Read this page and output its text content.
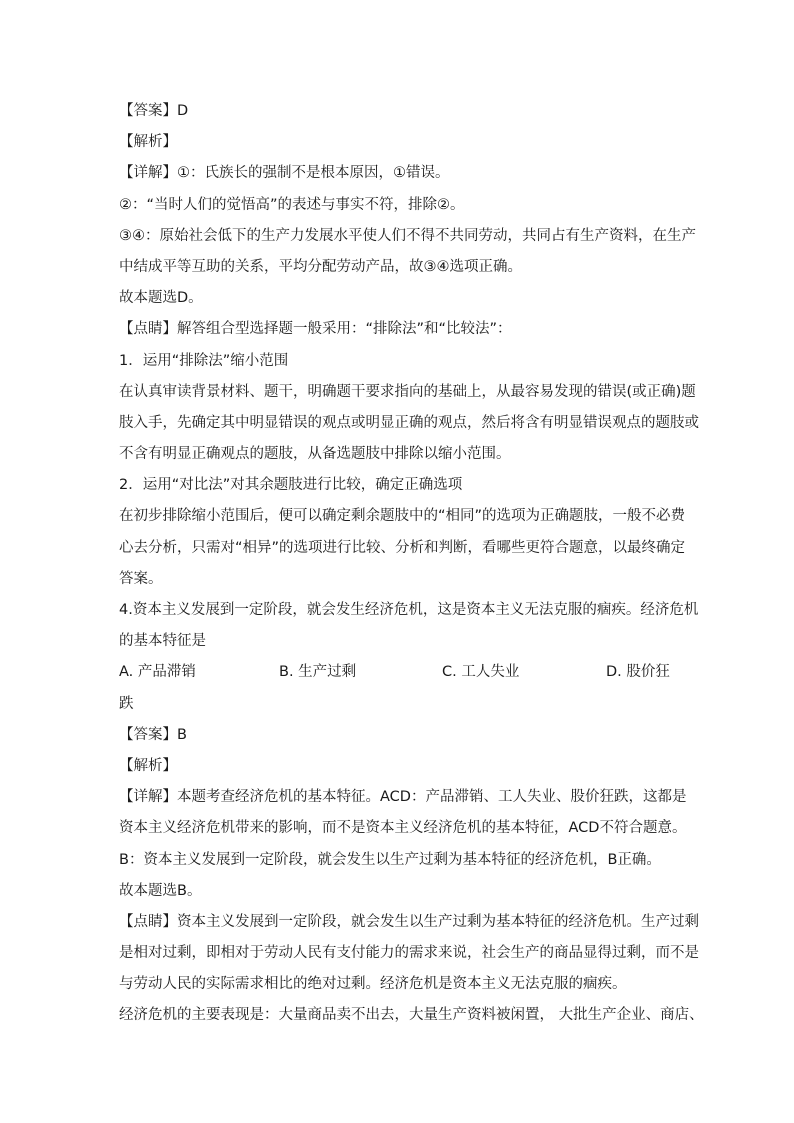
【答案】D
【解析】
【详解】①：氏族长的强制不是根本原因，①错误。
②：“当时人们的觉悟高”的表述与事实不符，排除②。
③④：原始社会低下的生产力发展水平使人们不得不共同劳动，共同占有生产资料，在生产
中结成平等互助的关系，平均分配劳动产品，故③④选项正确。
故本题选D。
【点睛】解答组合型选择题一般采用：“排除法”和“比较法”：
1．运用“排除法”缩小范围
在认真审读背景材料、题干，明确题干要求指向的基础上，从最容易发现的错误(或正确)题
肢入手，先确定其中明显错误的观点或明显正确的观点，然后将含有明显错误观点的题肢或
不含有明显正确观点的题肢，从备选题肢中排除以缩小范围。
2．运用“对比法”对其余题肢进行比较，确定正确选项
在初步排除缩小范围后，便可以确定剩余题肢中的“相同”的选项为正确题肢，一般不必费
心去分析，只需对“相异”的选项进行比较、分析和判断，看哪些更符合题意，以最终确定
答案。
4.资本主义发展到一定阶段，就会发生经济危机，这是资本主义无法克服的痼疾。经济危机
的基本特征是
A. 产品滞销	B. 生产过剩	C. 工人失业	D. 股价狂
跌
【答案】B
【解析】
【详解】本题考查经济危机的基本特征。ACD：产品滞销、工人失业、股价狂跌，这都是
资本主义经济危机带来的影响，而不是资本主义经济危机的基本特征，ACD不符合题意。
B：资本主义发展到一定阶段，就会发生以生产过剩为基本特征的经济危机，B正确。
故本题选B。
【点睛】资本主义发展到一定阶段，就会发生以生产过剩为基本特征的经济危机。生产过剩
是相对过剩，即相对于劳动人民有支付能力的需求来说，社会生产的商品显得过剩，而不是
与劳动人民的实际需求相比的绝对过剩。经济危机是资本主义无法克服的痼疾。
经济危机的主要表现是：大量商品卖不出去，大量生产资料被闲置， 大批生产企业、商店、
